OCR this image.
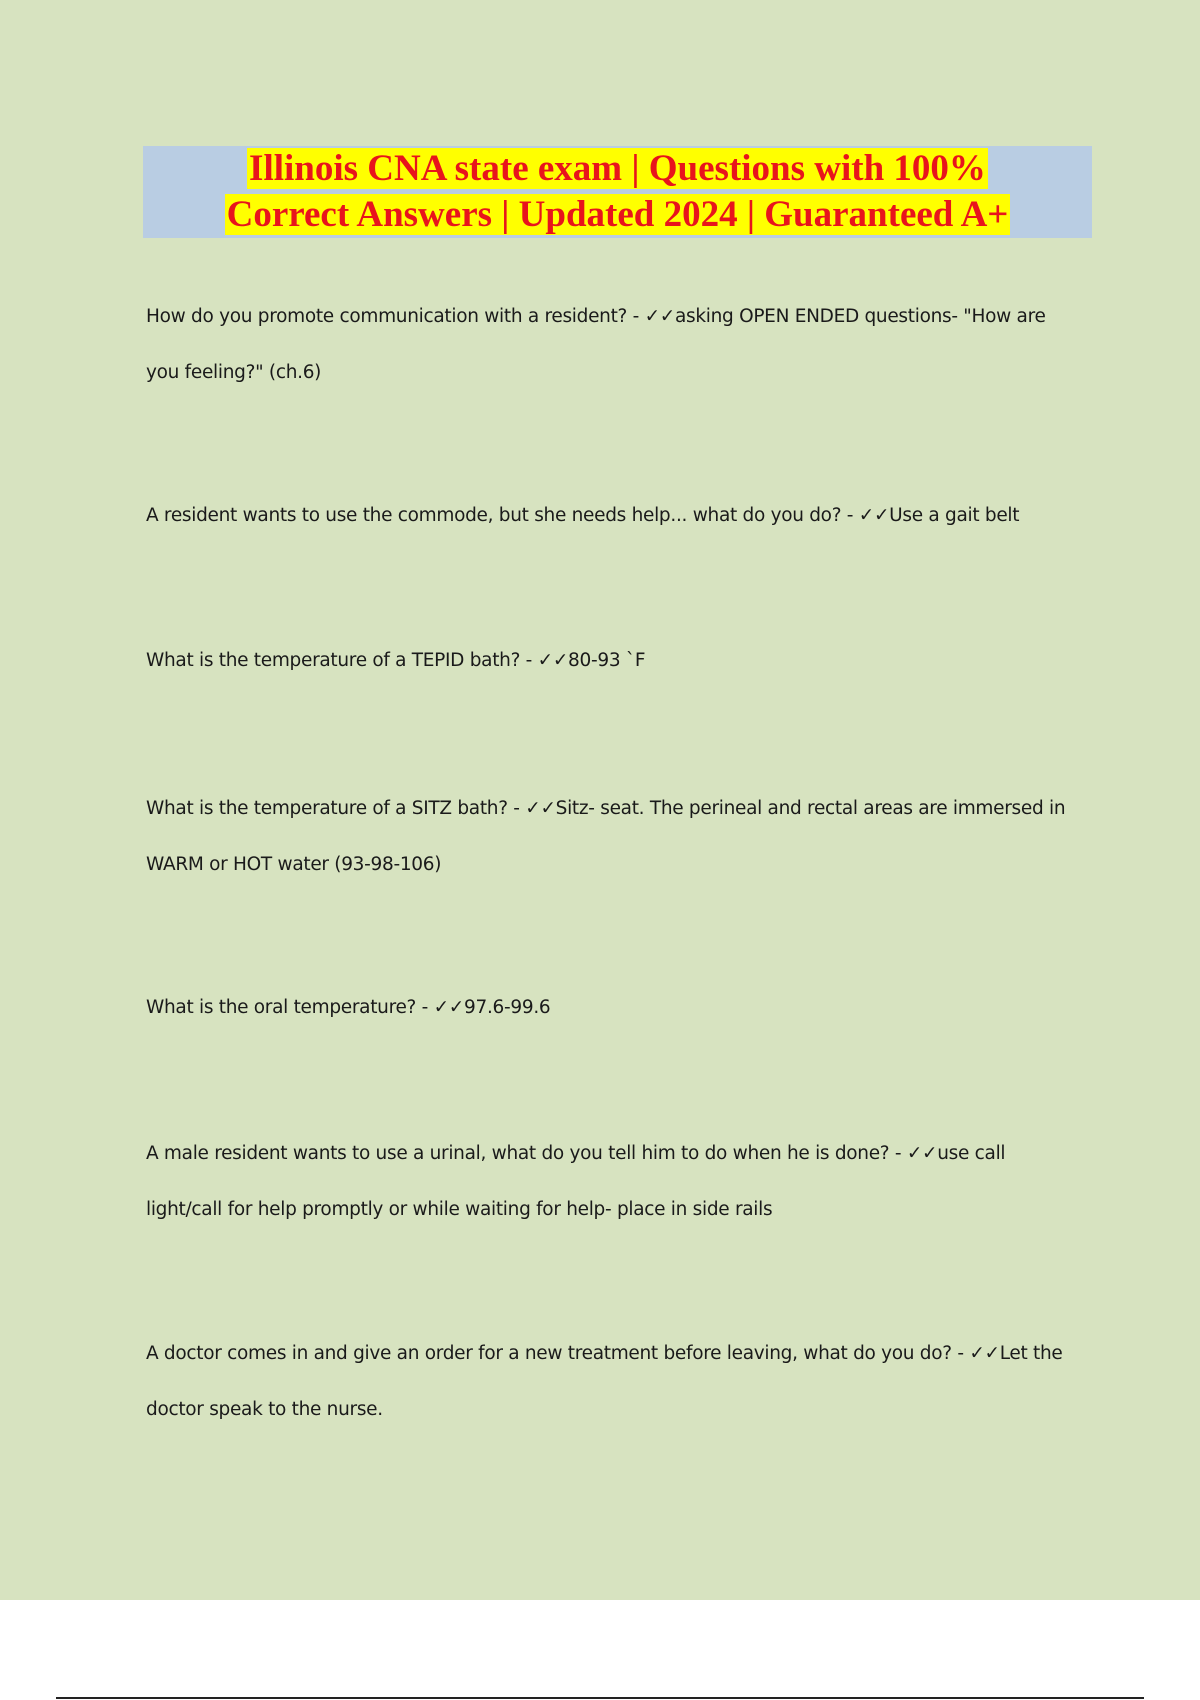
Illinois CNA state exam | Questions with 100%
Correct Answers | Updated 2024 | Guaranteed A+

How do you promote communication with a resident? - ✓✓asking OPEN ENDED questions- "How are you feeling?" (ch.6)

A resident wants to use the commode, but she needs help... what do you do? - ✓✓Use a gait belt

What is the temperature of a TEPID bath? - ✓✓80-93 `F

What is the temperature of a SITZ bath? - ✓✓Sitz- seat. The perineal and rectal areas are immersed in WARM or HOT water (93-98-106)

What is the oral temperature? - ✓✓97.6-99.6

A male resident wants to use a urinal, what do you tell him to do when he is done? - ✓✓use call light/call for help promptly or while waiting for help- place in side rails

A doctor comes in and give an order for a new treatment before leaving, what do you do? - ✓✓Let the doctor speak to the nurse.
